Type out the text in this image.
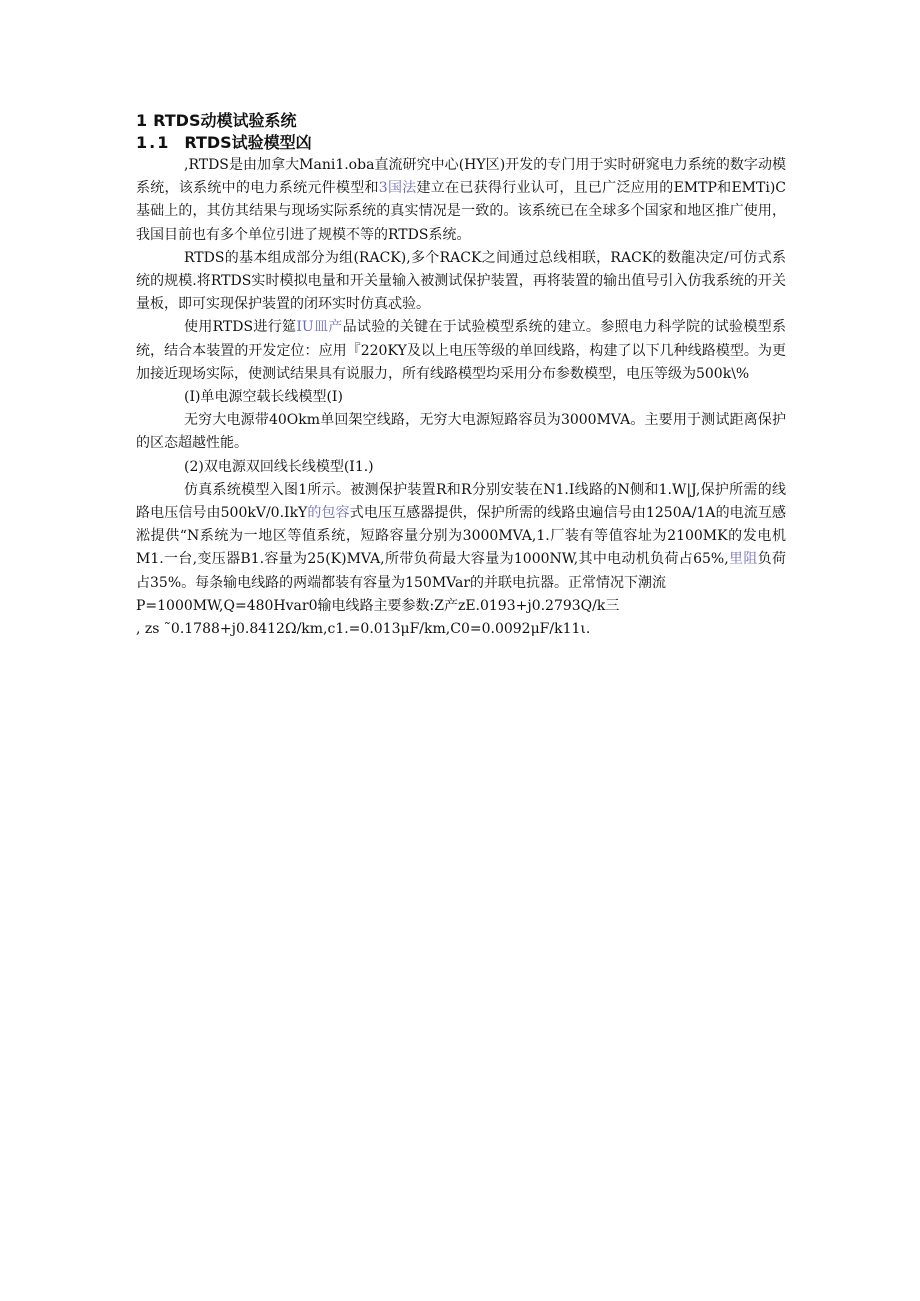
1 RTDS动模试验系统
1.1 RTDS试验模型凶

,RTDS是由加拿大Mani1.oba直流研究中心(HY区)开发的专门用于实时研窕电力系统的数字动模系统，该系统中的电力系统元件模型和3国法建立在已获得行业认可，且已广泛应用的EMTP和EMTi)C基础上的，其仿其结果与现场实际系统的真实情况是一致的。该系统已在全球多个国家和地区推广使用，我国目前也有多个单位引进了规模不等的RTDS系统。

RTDS的基本组成部分为组(RACK),多个RACK之间通过总线相联，RACK的数龍决定/可仿式系统的规模.将RTDS实时模拟电量和开关量输入被测试保护装置，再将装置的输出值号引入仿我系统的开关量板，即可实现保护装置的闭环实时仿真忒验。

使用RTDS进行筵IU皿产品试验的关键在于试验模型系统的建立。参照电力科学院的试验模型系统，结合本装置的开发定位：应用『220KY及以上电压等级的单回线路，构建了以下几种线路模型。为更加接近现场实际，使测试结果具有说服力，所有线路模型均采用分布参数模型，电压等级为500k\%

(I)单电源空载长线模型(I)

无穷大电源带40Okm单回架空线路，无穷大电源短路容员为3000MVA。主要用于测试距离保护的区态超越性能。

(2)双电源双回线长线模型(I1.)

仿真系统模型入图1所示。被测保护装置R和R分别安装在N1.I线路的N侧和1.W|J,保护所需的线路电压信号由500kV/0.IkY的包容式电压互感器提供，保护所需的线路虫遍信号由1250A/1A的电流互感淞提供“N系统为一地区等值系统，短路容量分别为3000MVA,1.厂装有等值容址为2100MK的发电机M1.一台,变压器B1.容量为25(K)MVA,所带负荷最大容量为1000NW,其中电动机负荷占65%,里阻负荷占35%。每条输电线路的两端都装有容量为150MVar的并联电抗器。正常情况下潮流

P=1000MW,Q=480Hvar0输电线路主要参数:Z产zE.0193+j0.2793Q/k三

, zs ˜0.1788+j0.8412Ω/km,c1.=0.013μF/km,C0=0.0092μF/k11ι.
